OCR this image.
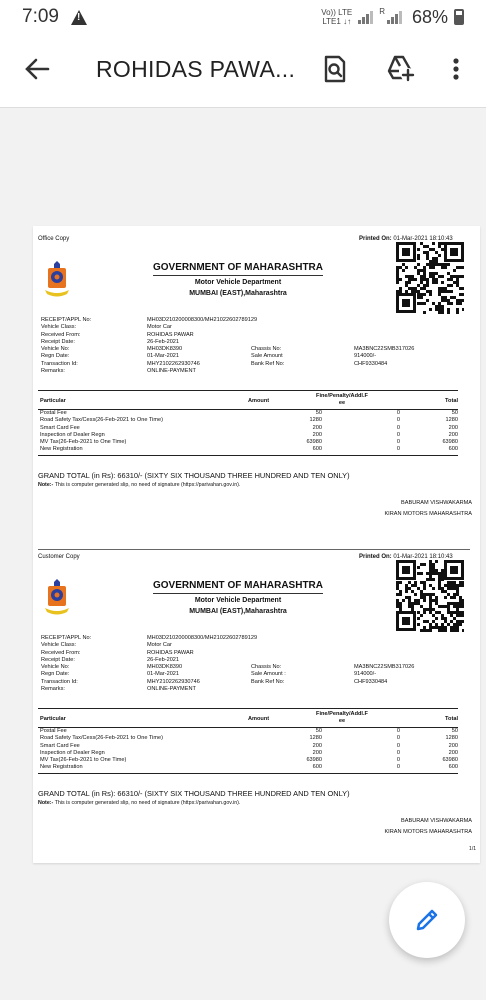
7:09
!	Vo)) LTE
LTE1 ↓↑
R 68%
ROHIDAS PAWA...
Office Copy	Printed On: 01-Mar-2021 18:10:43
GOVERNMENT OF MAHARASHTRA
Motor Vehicle Department
MUMBAI (EAST),Maharashtra
RECEIPT/APPL No:	MH03D210200008300/MH21022602789129
Vehicle Class:	Motor Car
Received From:	ROHIDAS PAWAR
Receipt Date:	26-Feb-2021
Vehicle No:	MH03DK8390	Chassis No:	MA3BNC22SMB317026
Regn Date:	01-Mar-2021	Sale Amount	914000/-
Transaction Id:	MHY2102262930746	Bank Ref No:	CHF9330484
Remarks:	ONLINE-PAYMENT
Particular	Amount
Fine/Penalty/Addl.F
ee	Total
Postal Fee	50	0	50
Road Safety Tax/Cess(26-Feb-2021 to One Time)	1280	0	1280
Smart Card Fee	200	0	200
Inspection of Dealer Regn	200	0	200
MV Tax(26-Feb-2021 to One Time)	63980	0	63980
New Registration	600	0	600
GRAND TOTAL (in Rs): 66310/- (SIXTY SIX THOUSAND THREE HUNDRED AND TEN ONLY)
Note:- This is computer generated slip, no need of signature (https://parivahan.gov.in).
BABURAM VISHWAKARMA
KIRAN MOTORS MAHARASHTRA
Customer Copy	Printed On: 01-Mar-2021 18:10:43
GOVERNMENT OF MAHARASHTRA
Motor Vehicle Department
MUMBAI (EAST),Maharashtra
RECEIPT/APPL No:	MH03D210200008300/MH21022602789129
Vehicle Class:	Motor Car
Received From:	ROHIDAS PAWAR
Receipt Date:	26-Feb-2021
Vehicle No:	MH03DK8390	Chassis No:	MA3BNC22SMB317026
Regn Date:	01-Mar-2021	Sale Amount :	914000/-
Transaction Id:	MHY2102262930746	Bank Ref No:	CHF9330484
Remarks:	ONLINE-PAYMENT
Particular	Amount
Fine/Penalty/Addl.F
ee	Total
Postal Fee	50	0	50
Road Safety Tax/Cess(26-Feb-2021 to One Time)	1280	0	1280
Smart Card Fee	200	0	200
Inspection of Dealer Regn	200	0	200
MV Tax(26-Feb-2021 to One Time)	63980	0	63980
New Registration	600	0	600
GRAND TOTAL (in Rs): 66310/- (SIXTY SIX THOUSAND THREE HUNDRED AND TEN ONLY)
Note:- This is computer generated slip, no need of signature (https://parivahan.gov.in).
BABURAM VISHWAKARMA
KIRAN MOTORS MAHARASHTRA
1/1
